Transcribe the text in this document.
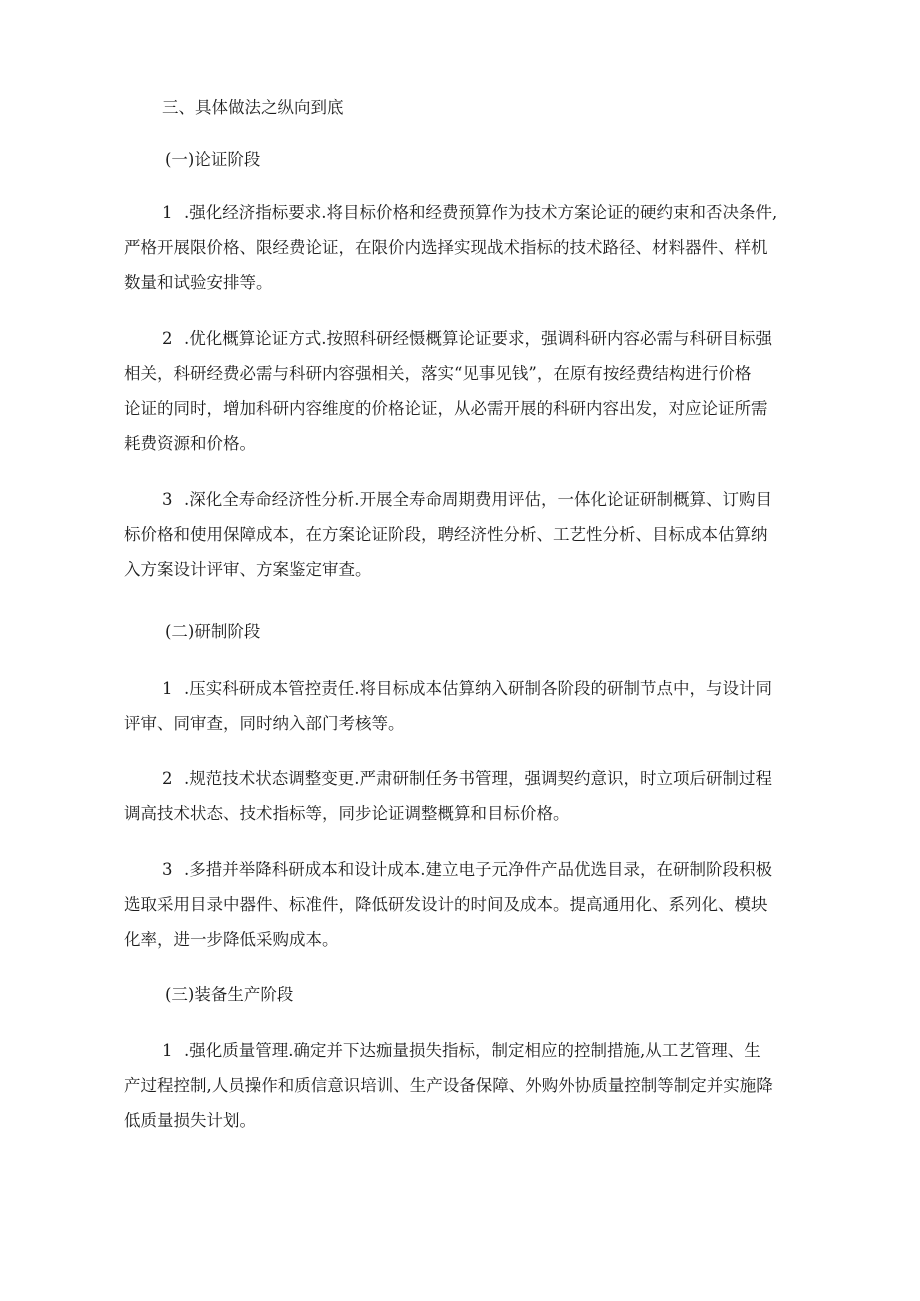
三、具体做法之纵向到底
(一)论证阶段
1 .强化经济指标要求.将目标价格和经费预算作为技术方案论证的硬约束和否决条件,
严格开展限价格、限经费论证，在限价内选择实现战术指标的技术路径、材料器件、样机
数量和试验安排等。
2 .优化概算论证方式.按照科研经慑概算论证要求，强调科研内容必需与科研目标强
相关，科研经费必需与科研内容强相关，落实“见事见钱”，在原有按经费结构进行价格
论证的同时，增加科研内容维度的价格论证，从必需开展的科研内容出发，对应论证所需
耗费资源和价格。
3 .深化全寿命经济性分析.开展全寿命周期费用评估，一体化论证研制概算、订购目
标价格和使用保障成本，在方案论证阶段，聘经济性分析、工艺性分析、目标成本估算纳
入方案设计评审、方案鉴定审查。
(二)研制阶段
1 .压实科研成本管控责任.将目标成本估算纳入研制各阶段的研制节点中，与设计同
评审、同审查，同时纳入部门考核等。
2 .规范技术状态调整变更.严肃研制任务书管理，强调契约意识，时立项后研制过程
调高技术状态、技术指标等，同步论证调整概算和目标价格。
3 .多措并举降科研成本和设计成本.建立电子元净件产品优选目录，在研制阶段积极
选取采用目录中器件、标准件，降低研发设计的时间及成本。提高通用化、系列化、模块
化率，进一步降低采购成本。
(三)装备生产阶段
1 .强化质量管理.确定并下达痂量损失指标，制定相应的控制措施,从工艺管理、生
产过程控制,人员操作和质信意识培训、生产设备保障、外购外协质量控制等制定并实施降
低质量损失计划。
